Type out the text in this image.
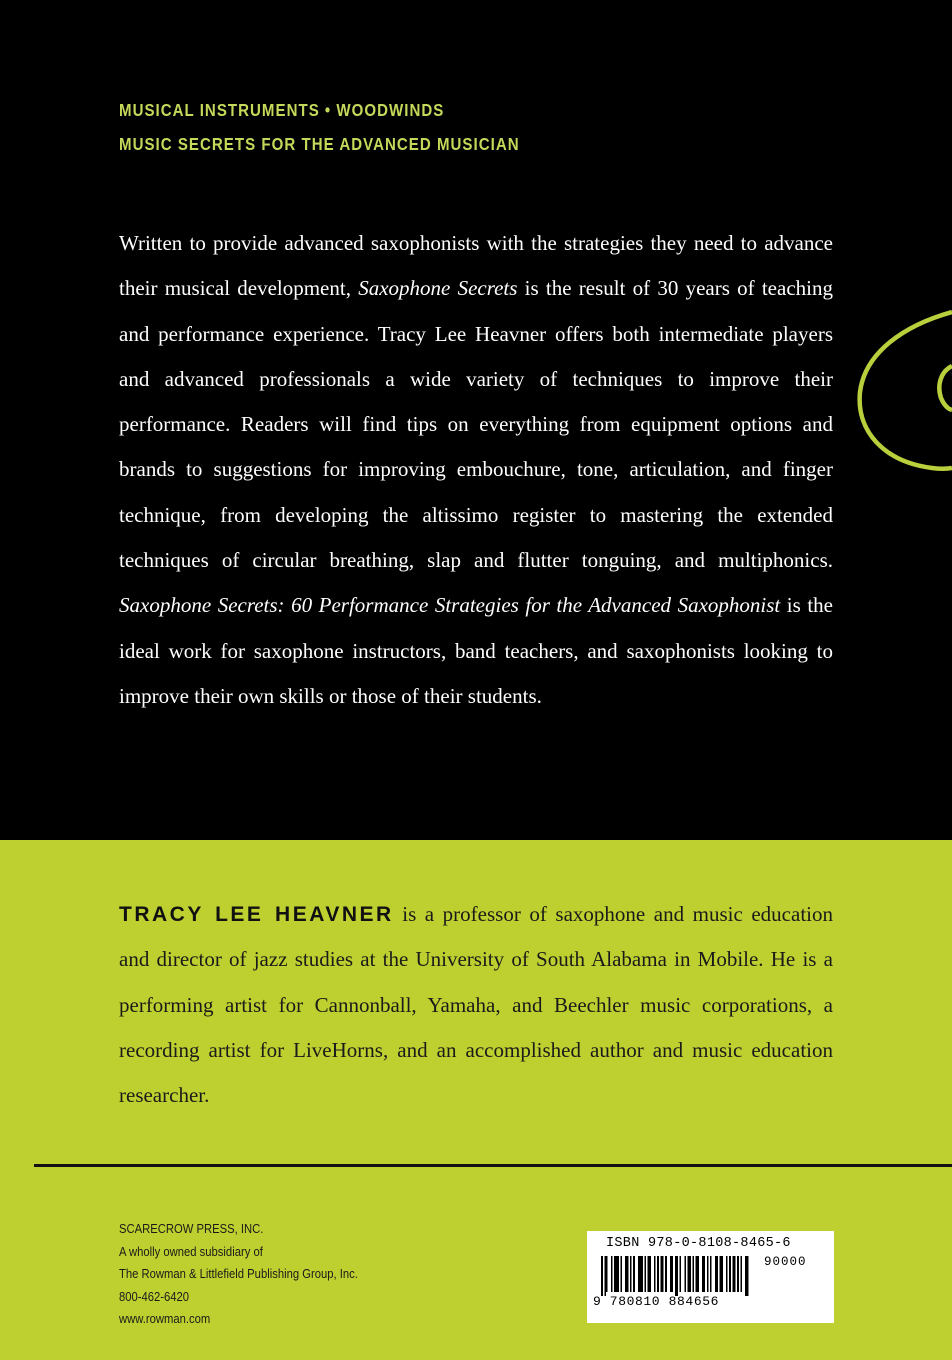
MUSICAL INSTRUMENTS • WOODWINDS
MUSIC SECRETS FOR THE ADVANCED MUSICIAN

Written to provide advanced saxophonists with the strategies they need to advance their musical development, Saxophone Secrets is the result of 30 years of teaching and performance experience. Tracy Lee Heavner offers both intermediate players and advanced professionals a wide variety of techniques to improve their performance. Readers will find tips on everything from equipment options and brands to suggestions for improving embouchure, tone, articulation, and finger technique, from developing the altissimo register to mastering the extended techniques of circular breathing, slap and flutter tonguing, and multiphonics. Saxophone Secrets: 60 Performance Strategies for the Advanced Saxophonist is the ideal work for saxophone instructors, band teachers, and saxophonists looking to improve their own skills or those of their students.

TRACY LEE HEAVNER is a professor of saxophone and music education and director of jazz studies at the University of South Alabama in Mobile. He is a performing artist for Cannonball, Yamaha, and Beechler music corporations, a recording artist for LiveHorns, and an accomplished author and music education researcher.

SCARECROW PRESS, INC.
A wholly owned subsidiary of
The Rowman & Littlefield Publishing Group, Inc.
800-462-6420
www.rowman.com
ISBN 978-0-8108-8465-6
90000
9 780810 884656
